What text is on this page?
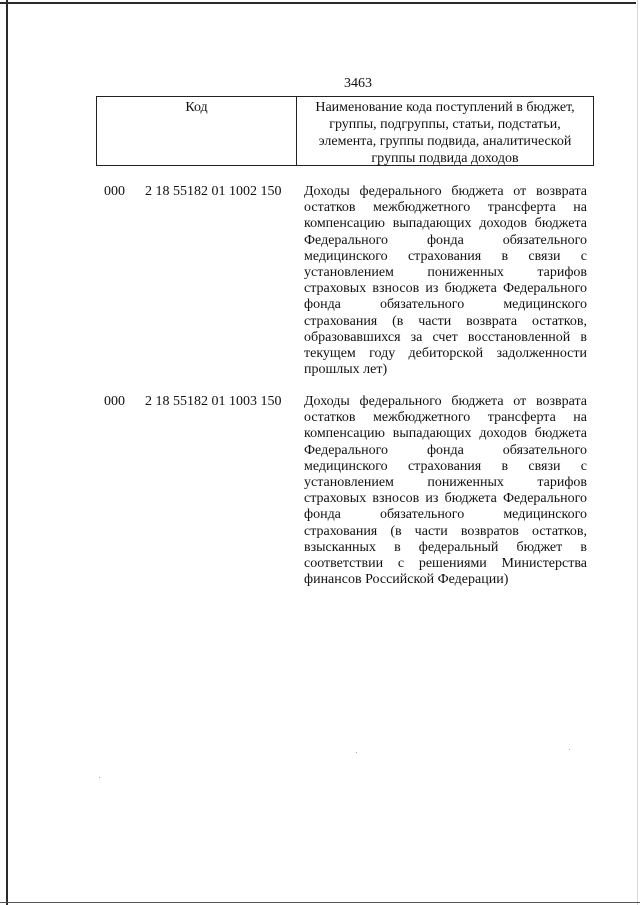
3463
Код	Наименование кода поступлений в бюджет, группы, подгруппы, статьи, подстатьи, элемента, группы подвида, аналитической группы подвида доходов
000 2 18 55182 01 1002 150 Доходы федерального бюджета от возврата остатков межбюджетного трансферта на компенсацию выпадающих доходов бюджета Федерального фонда обязательного медицинского страхования в связи с установлением пониженных тарифов страховых взносов из бюджета Федерального фонда обязательного медицинского страхования (в части возврата остатков, образовавшихся за счет восстановленной в текущем году дебиторской задолженности прошлых лет)

000 2 18 55182 01 1003 150 Доходы федерального бюджета от возврата остатков межбюджетного трансферта на компенсацию выпадающих доходов бюджета Федерального фонда обязательного медицинского страхования в связи с установлением пониженных тарифов страховых взносов из бюджета Федерального фонда обязательного медицинского страхования (в части возвратов остатков, взысканных в федеральный бюджет в соответствии с решениями Министерства финансов Российской Федерации)
